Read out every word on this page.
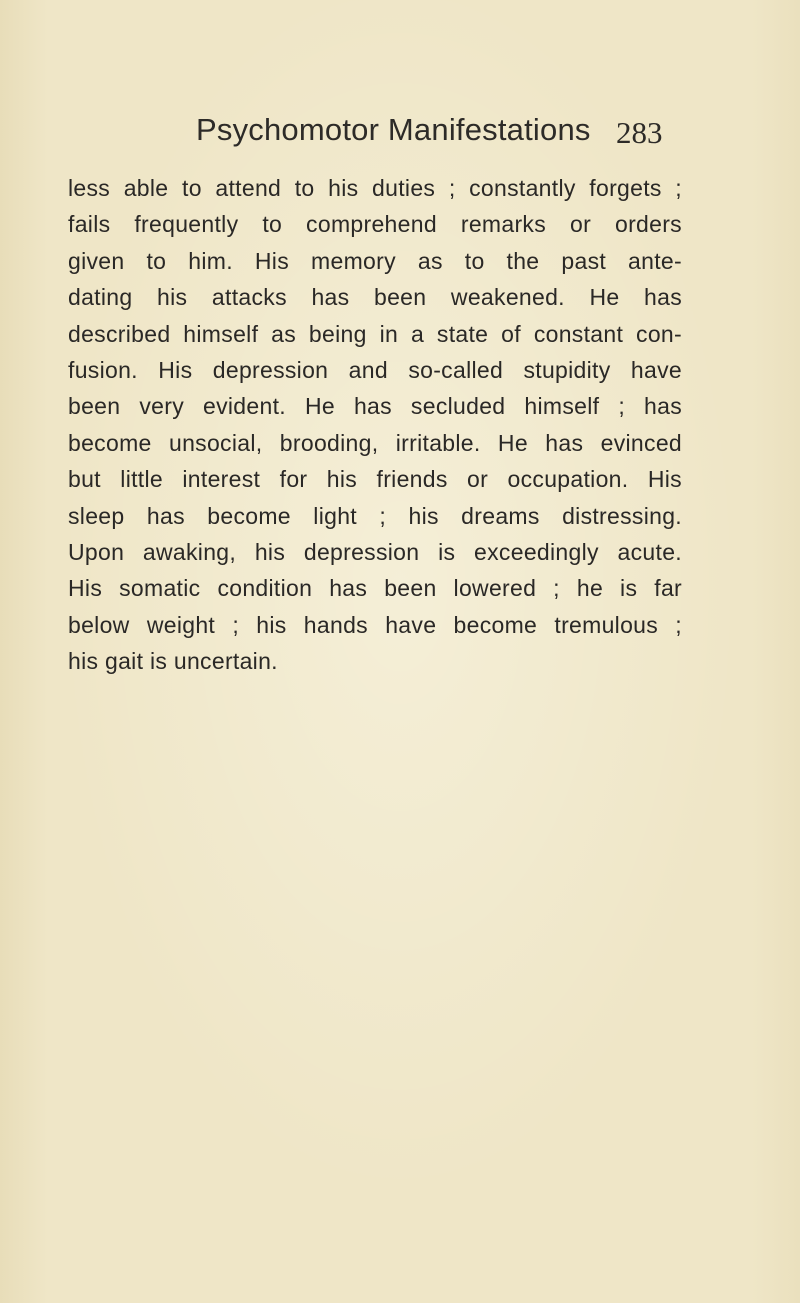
Psychomotor Manifestations 283
less able to attend to his duties ; constantly forgets ;
fails frequently to comprehend remarks or orders
given to him. His memory as to the past ante-
dating his attacks has been weakened. He has
described himself as being in a state of constant con-
fusion. His depression and so-called stupidity have
been very evident. He has secluded himself ; has
become unsocial, brooding, irritable. He has evinced
but little interest for his friends or occupation. His
sleep has become light ; his dreams distressing.
Upon awaking, his depression is exceedingly acute.
His somatic condition has been lowered ; he is far
below weight ; his hands have become tremulous ;
his gait is uncertain.
